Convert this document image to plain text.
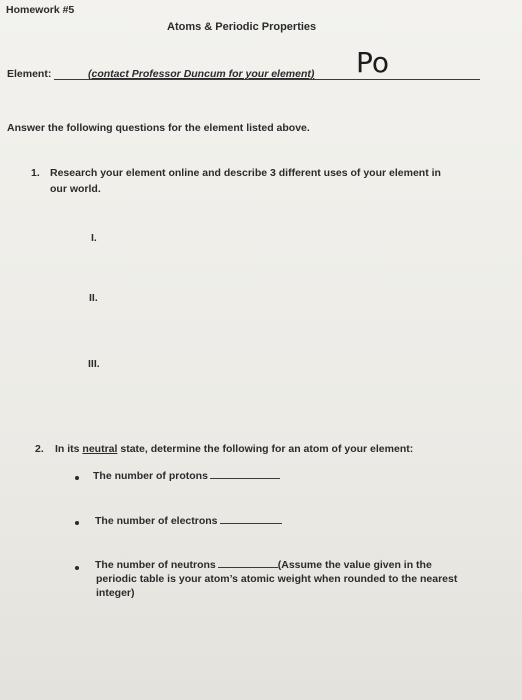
Homework #5
Atoms & Periodic Properties
Element:	(contact Professor Duncum for your element) Po
Answer the following questions for the element listed above.
1. Research your element online and describe 3 different uses of your element in
our world.
I.
II.
III.
2. In its neutral state, determine the following for an atom of your element:
The number of protons
The number of electrons
The number of neutrons	(Assume the value given in the
periodic table is your atom’s atomic weight when rounded to the nearest
integer)
